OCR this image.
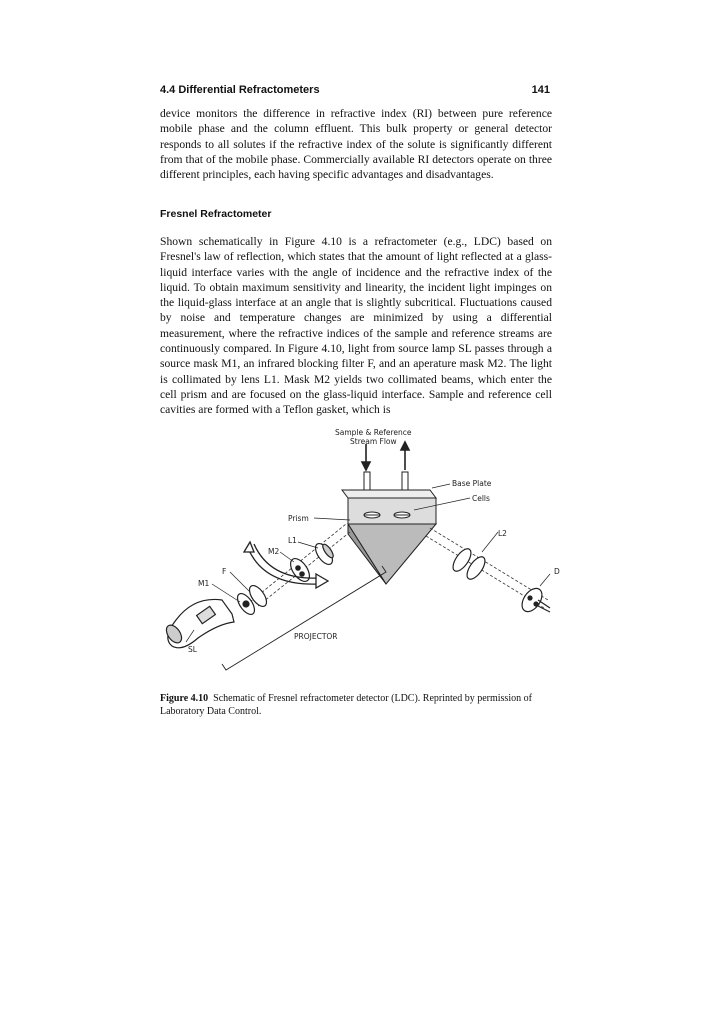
4.4 Differential Refractometers	141

device monitors the difference in refractive index (RI) between pure reference mobile phase and the column effluent. This bulk property or general detector responds to all solutes if the refractive index of the solute is significantly different from that of the mobile phase. Commercially available RI detectors operate on three different principles, each having specific advantages and disadvantages.

Fresnel Refractometer

Shown schematically in Figure 4.10 is a refractometer (e.g., LDC) based on Fresnel's law of reflection, which states that the amount of light reflected at a glass-liquid interface varies with the angle of incidence and the refractive index of the liquid. To obtain maximum sensitivity and linearity, the incident light impinges on the liquid-glass interface at an angle that is slightly subcritical. Fluctuations caused by noise and temperature changes are minimized by using a differential measurement, where the refractive indices of the sample and reference streams are continuously compared. In Figure 4.10, light from source lamp SL passes through a source mask M1, an infrared blocking filter F, and an aperature mask M2. The light is collimated by lens L1. Mask M2 yields two collimated beams, which enter the cell prism and are focused on the glass-liquid interface. Sample and reference cell cavities are formed with a Teflon gasket, which is

Sample & Reference
Stream Flow
Base Plate
Cells
Prism
L1
L2
M2
F
M1
D
SL
PROJECTOR

Figure 4.10 Schematic of Fresnel refractometer detector (LDC). Reprinted by permission of Laboratory Data Control.
